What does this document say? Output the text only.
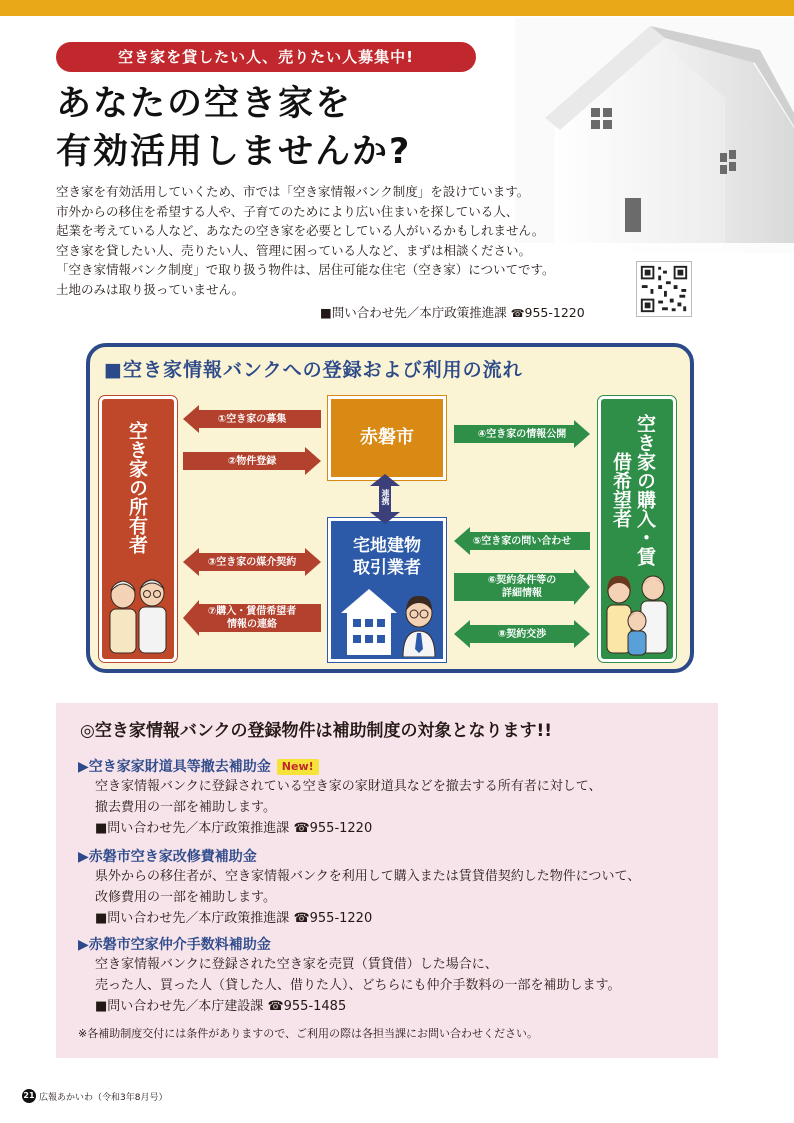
空き家を貸したい人、売りたい人募集中!
あなたの空き家を
有効活用しませんか?
空き家を有効活用していくため、市では「空き家情報バンク制度」を設けています。
市外からの移住を希望する人や、子育てのためにより広い住まいを探している人、
起業を考えている人など、あなたの空き家を必要としている人がいるかもしれません。
空き家を貸したい人、売りたい人、管理に困っている人など、まずは相談ください。
「空き家情報バンク制度」で取り扱う物件は、居住可能な住宅（空き家）についてです。
土地のみは取り扱っていません。
■問い合わせ先／本庁政策推進課 ☎955-1220
■空き家情報バンクへの登録および利用の流れ
空き家の所有者	空き家の購入・賃借希望者
赤磐市
宅地建物
取引業者
連携
①空き家の募集
②物件登録
③空き家の媒介契約
⑦購入・賃借希望者
情報の連絡
④空き家の情報公開
⑤空き家の問い合わせ
⑥契約条件等の
詳細情報
⑧契約交渉
◎空き家情報バンクの登録物件は補助制度の対象となります!!
▶空き家家財道具等撤去補助金 New!
空き家情報バンクに登録されている空き家の家財道具などを撤去する所有者に対して、
撤去費用の一部を補助します。
■問い合わせ先／本庁政策推進課 ☎955-1220
▶赤磐市空き家改修費補助金
県外からの移住者が、空き家情報バンクを利用して購入または賃貸借契約した物件について、
改修費用の一部を補助します。
■問い合わせ先／本庁政策推進課 ☎955-1220
▶赤磐市空家仲介手数料補助金
空き家情報バンクに登録された空き家を売買（賃貸借）した場合に、
売った人、買った人（貸した人、借りた人）、どちらにも仲介手数料の一部を補助します。
■問い合わせ先／本庁建設課 ☎955-1485
※各補助制度交付には条件がありますので、ご利用の際は各担当課にお問い合わせください。
21 広報あかいわ（令和3年8月号）
